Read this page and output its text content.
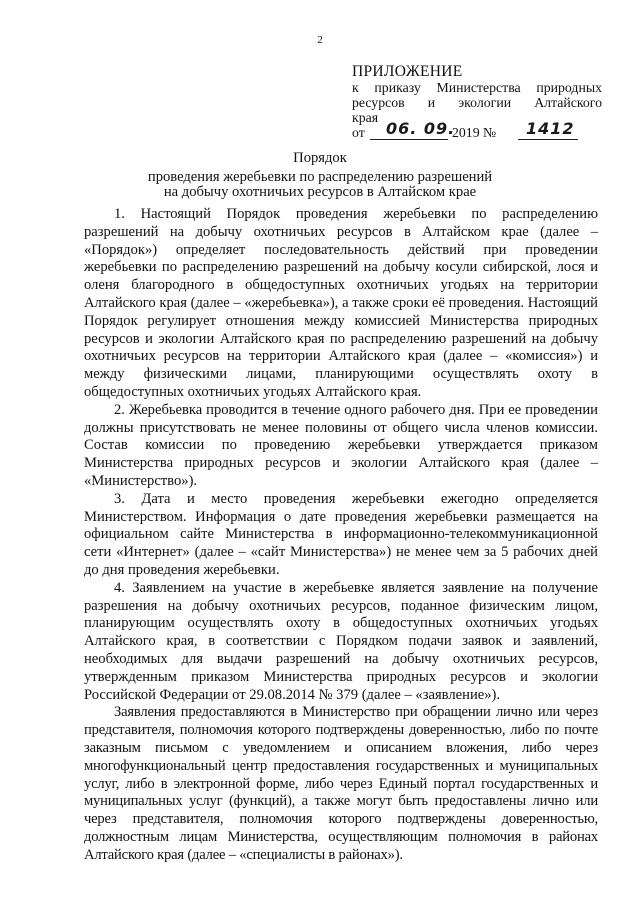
2
ПРИЛОЖЕНИЕ
к приказу Министерства природных
ресурсов и экологии Алтайского
края
от 06. 09.
2019 № 1412
Порядок
проведения жеребьевки по распределению разрешений
на добычу охотничьих ресурсов в Алтайском крае

1. Настоящий Порядок проведения жеребьевки по распределению разрешений на добычу охотничьих ресурсов в Алтайском крае (далее – «Порядок») определяет последовательность действий при проведении жеребьевки по распределению разрешений на добычу косули сибирской, лося и оленя благородного в общедоступных охотничьих угодьях на территории Алтайского края (далее – «жеребьевка»), а также сроки её проведения. Настоящий Порядок регулирует отношения между комиссией Министерства природных ресурсов и экологии Алтайского края по распределению разрешений на добычу охотничьих ресурсов на территории Алтайского края (далее – «комиссия») и между физическими лицами, планирующими осуществлять охоту в общедоступных охотничьих угодьях Алтайского края.

2. Жеребьевка проводится в течение одного рабочего дня. При ее проведении должны присутствовать не менее половины от общего числа членов комиссии. Состав комиссии по проведению жеребьевки утверждается приказом Министерства природных ресурсов и экологии Алтайского края (далее – «Министерство»).

3. Дата и место проведения жеребьевки ежегодно определяется Министерством. Информация о дате проведения жеребьевки размещается на официальном сайте Министерства в информационно-телекоммуникационной сети «Интернет» (далее – «сайт Министерства») не менее чем за 5 рабочих дней до дня проведения жеребьевки.

4. Заявлением на участие в жеребьевке является заявление на получение разрешения на добычу охотничьих ресурсов, поданное физическим лицом, планирующим осуществлять охоту в общедоступных охотничьих угодьях Алтайского края, в соответствии с Порядком подачи заявок и заявлений, необходимых для выдачи разрешений на добычу охотничьих ресурсов, утвержденным приказом Министерства природных ресурсов и экологии Российской Федерации от 29.08.2014 № 379 (далее – «заявление»).

Заявления предоставляются в Министерство при обращении лично или через представителя, полномочия которого подтверждены доверенностью, либо по почте заказным письмом с уведомлением и описанием вложения, либо через многофункциональный центр предоставления государственных и муниципальных услуг, либо в электронной форме, либо через Единый портал государственных и муниципальных услуг (функций), а также могут быть предоставлены лично или через представителя, полномочия которого подтверждены доверенностью, должностным лицам Министерства, осуществляющим полномочия в районах Алтайского края (далее – «специалисты в районах»).
